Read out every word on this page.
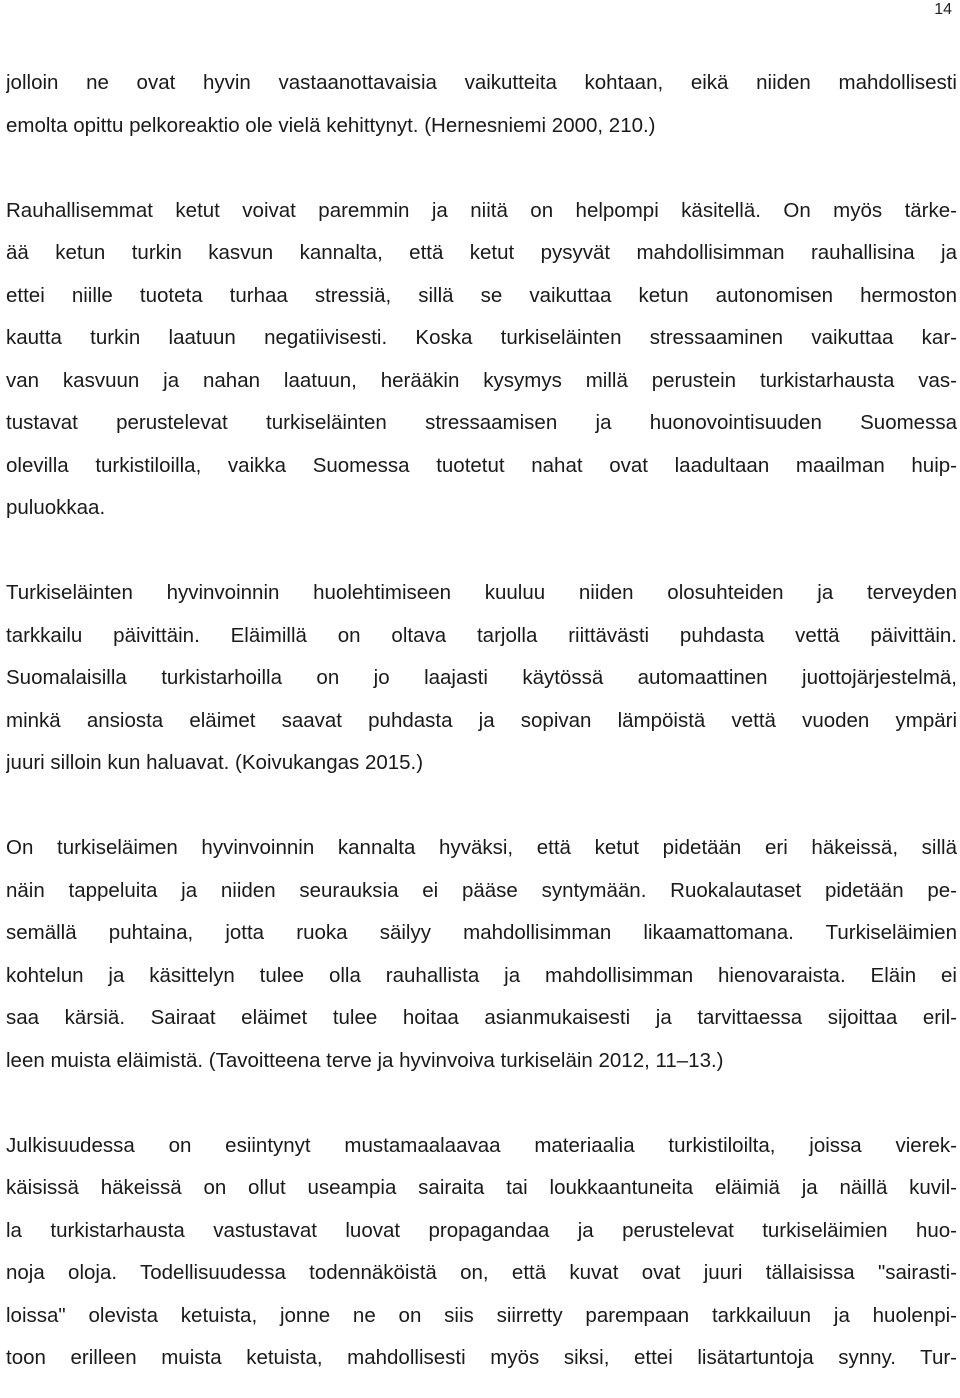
14

jolloin ne ovat hyvin vastaanottavaisia vaikutteita kohtaan, eikä niiden mahdollisesti
emolta opittu pelkoreaktio ole vielä kehittynyt. (Hernesniemi 2000, 210.)

Rauhallisemmat ketut voivat paremmin ja niitä on helpompi käsitellä. On myös tärke-
ää ketun turkin kasvun kannalta, että ketut pysyvät mahdollisimman rauhallisina ja
ettei niille tuoteta turhaa stressiä, sillä se vaikuttaa ketun autonomisen hermoston
kautta turkin laatuun negatiivisesti. Koska turkiseläinten stressaaminen vaikuttaa kar-
van kasvuun ja nahan laatuun, herääkin kysymys millä perustein turkistarhausta vas-
tustavat perustelevat turkiseläinten stressaamisen ja huonovointisuuden Suomessa
olevilla turkistiloilla, vaikka Suomessa tuotetut nahat ovat laadultaan maailman huip-
puluokkaa.

Turkiseläinten hyvinvoinnin huolehtimiseen kuuluu niiden olosuhteiden ja terveyden
tarkkailu päivittäin. Eläimillä on oltava tarjolla riittävästi puhdasta vettä päivittäin.
Suomalaisilla turkistarhoilla on jo laajasti käytössä automaattinen juottojärjestelmä,
minkä ansiosta eläimet saavat puhdasta ja sopivan lämpöistä vettä vuoden ympäri
juuri silloin kun haluavat. (Koivukangas 2015.)

On turkiseläimen hyvinvoinnin kannalta hyväksi, että ketut pidetään eri häkeissä, sillä
näin tappeluita ja niiden seurauksia ei pääse syntymään. Ruokalautaset pidetään pe-
semällä puhtaina, jotta ruoka säilyy mahdollisimman likaamattomana. Turkiseläimien
kohtelun ja käsittelyn tulee olla rauhallista ja mahdollisimman hienovaraista. Eläin ei
saa kärsiä. Sairaat eläimet tulee hoitaa asianmukaisesti ja tarvittaessa sijoittaa eril-
leen muista eläimistä. (Tavoitteena terve ja hyvinvoiva turkiseläin 2012, 11–13.)

Julkisuudessa on esiintynyt mustamaalaavaa materiaalia turkistiloilta, joissa vierek-
käisissä häkeissä on ollut useampia sairaita tai loukkaantuneita eläimiä ja näillä kuvil-
la turkistarhausta vastustavat luovat propagandaa ja perustelevat turkiseläimien huo-
noja oloja. Todellisuudessa todennäköistä on, että kuvat ovat juuri tällaisissa "sairasti-
loissa" olevista ketuista, jonne ne on siis siirretty parempaan tarkkailuun ja huolenpi-
toon erilleen muista ketuista, mahdollisesti myös siksi, ettei lisätartuntoja synny. Tur-
